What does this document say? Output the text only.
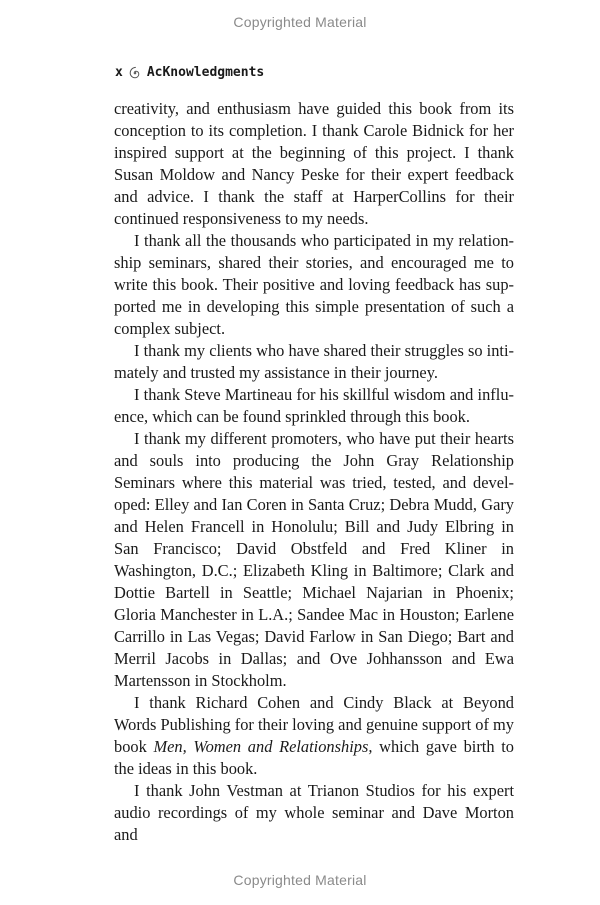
Copyrighted Material
x AcKnowledgments

creativity, and enthusiasm have guided this book from its conception to its completion. I thank Carole Bidnick for her inspired support at the beginning of this project. I thank Susan Moldow and Nancy Peske for their expert feedback and advice. I thank the staff at HarperCollins for their continued responsiveness to my needs.

I thank all the thousands who participated in my relationship seminars, shared their stories, and encouraged me to write this book. Their positive and loving feedback has supported me in developing this simple presentation of such a complex subject.

I thank my clients who have shared their struggles so intimately and trusted my assistance in their journey.

I thank Steve Martineau for his skillful wisdom and influence, which can be found sprinkled through this book.

I thank my different promoters, who have put their hearts and souls into producing the John Gray Relationship Seminars where this material was tried, tested, and developed: Elley and Ian Coren in Santa Cruz; Debra Mudd, Gary and Helen Francell in Honolulu; Bill and Judy Elbring in San Francisco; David Obstfeld and Fred Kliner in Washington, D.C.; Elizabeth Kling in Baltimore; Clark and Dottie Bartell in Seattle; Michael Najarian in Phoenix; Gloria Manchester in L.A.; Sandee Mac in Houston; Earlene Carrillo in Las Vegas; David Farlow in San Diego; Bart and Merril Jacobs in Dallas; and Ove Johhansson and Ewa Martensson in Stockholm.

I thank Richard Cohen and Cindy Black at Beyond Words Publishing for their loving and genuine support of my book Men, Women and Relationships, which gave birth to the ideas in this book.

I thank John Vestman at Trianon Studios for his expert audio recordings of my whole seminar and Dave Morton and

Copyrighted Material
